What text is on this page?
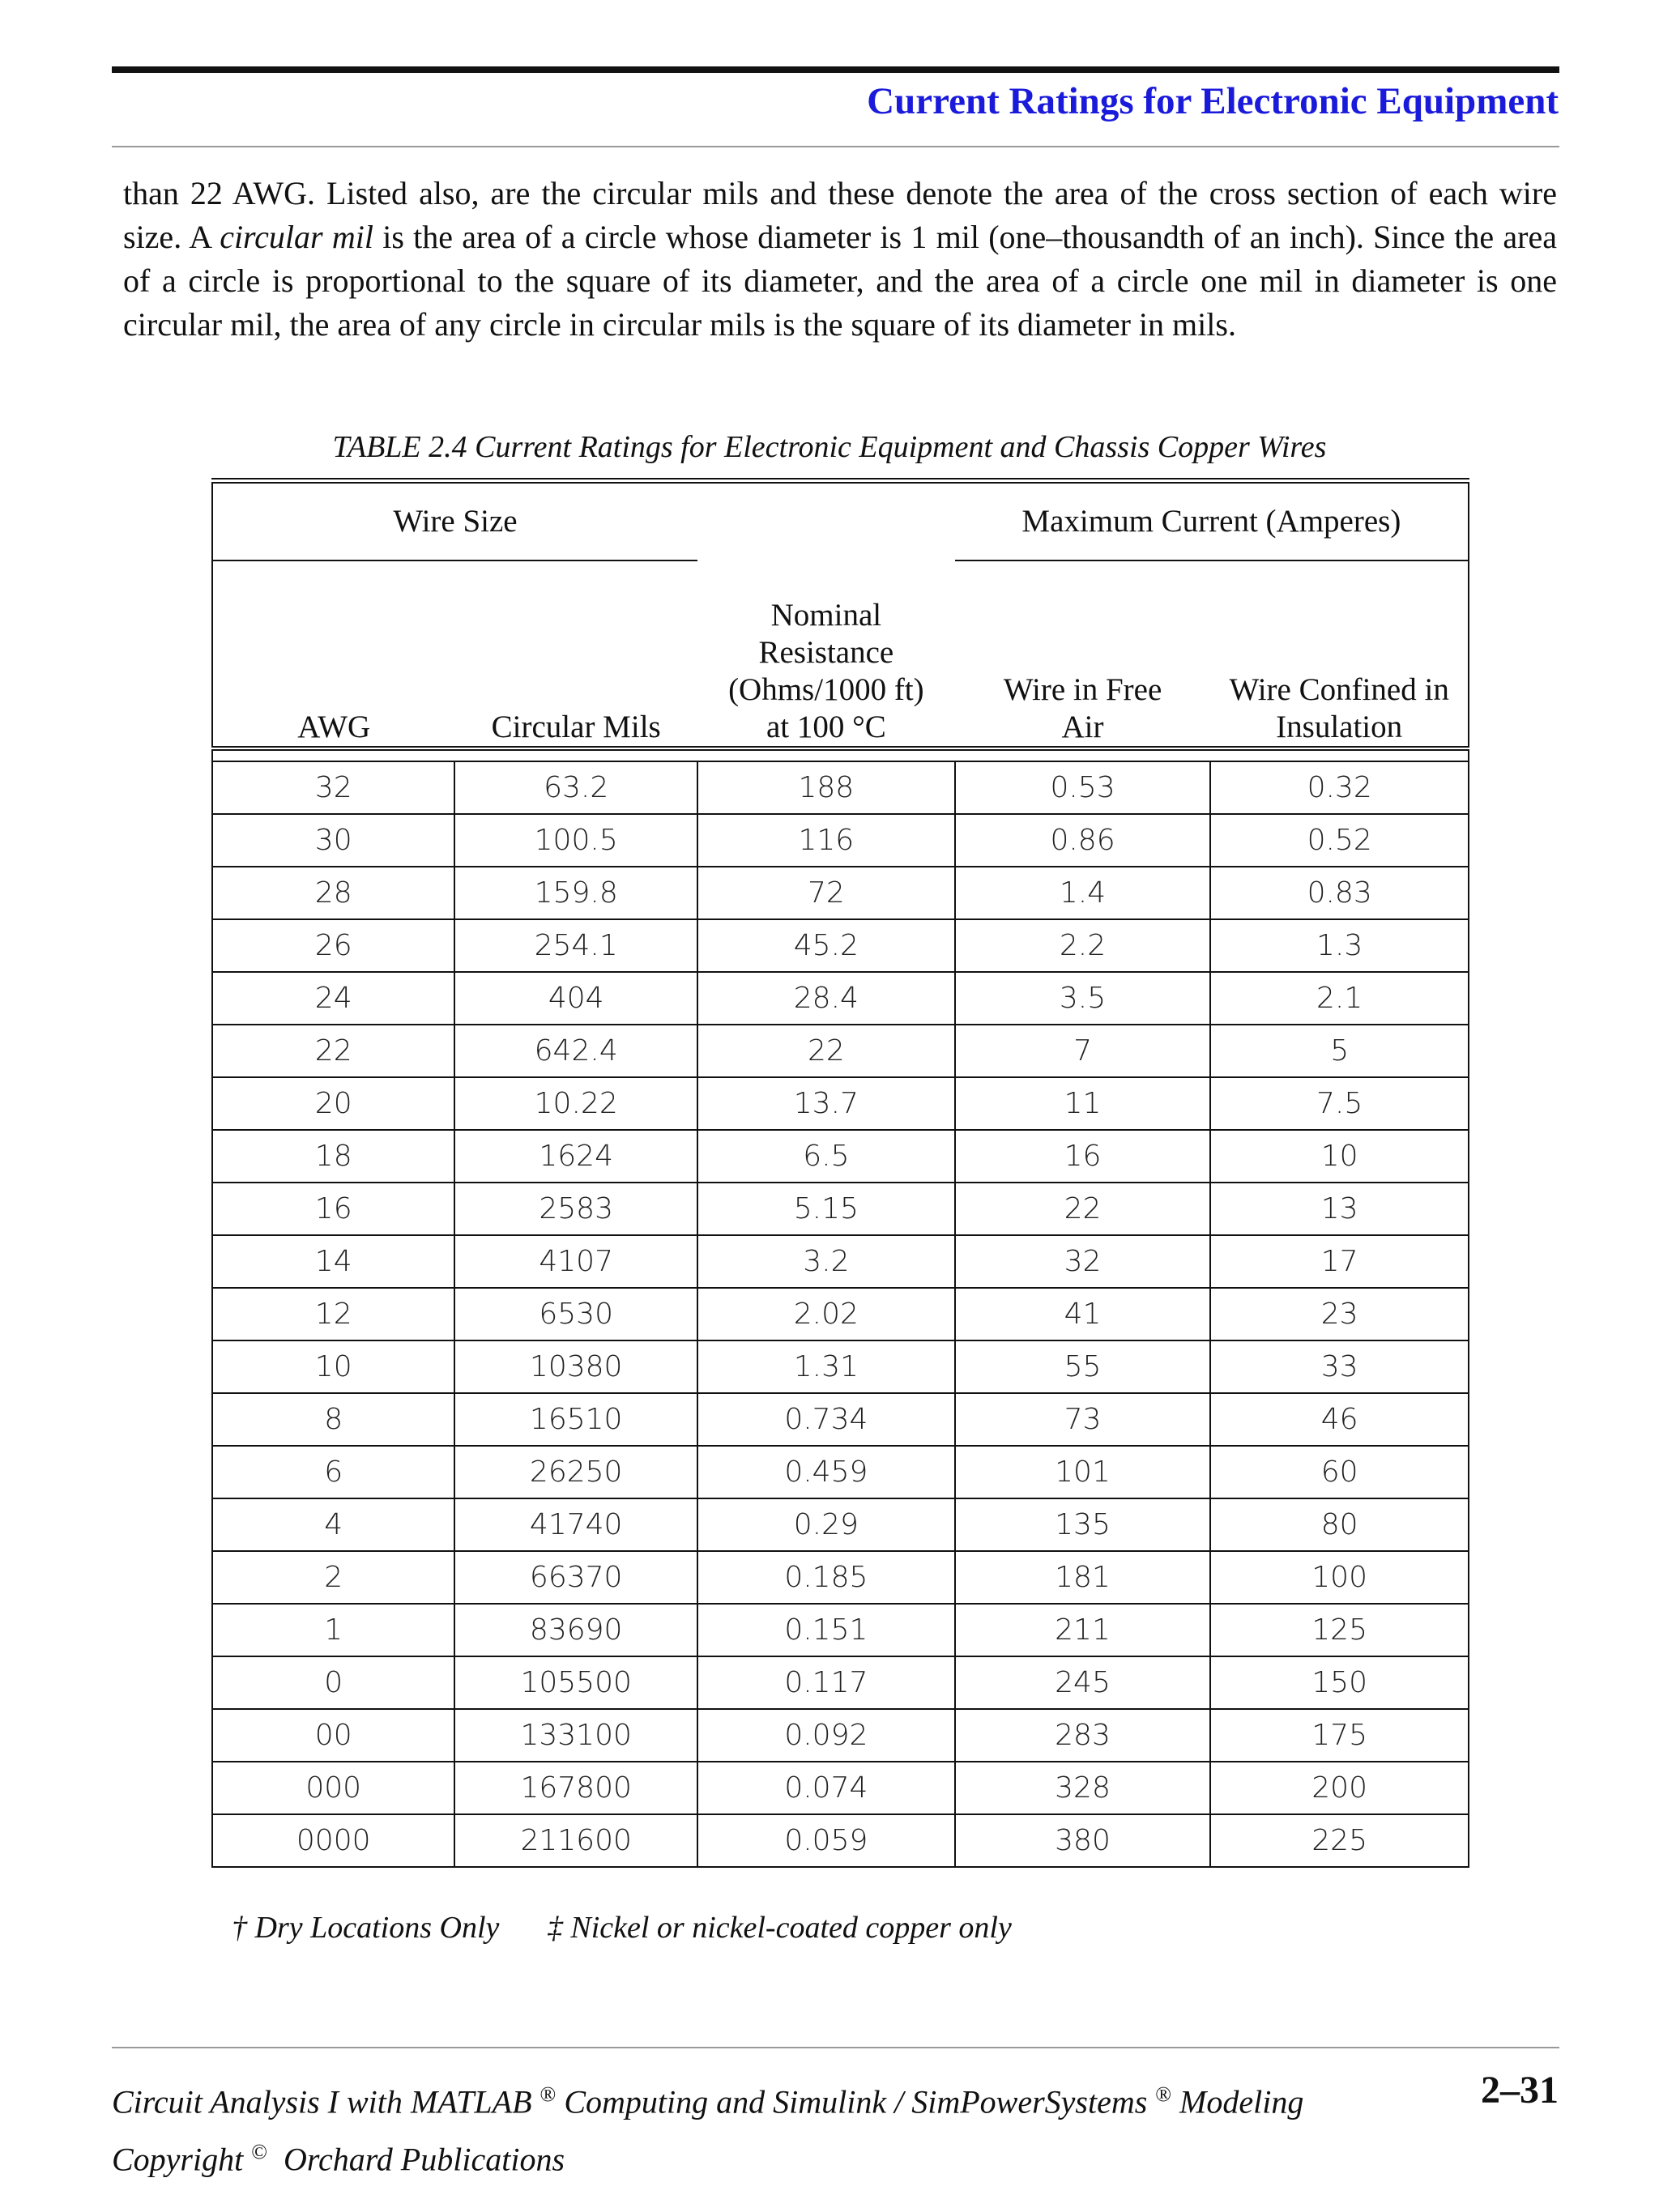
Current Ratings for Electronic Equipment

than 22 AWG. Listed also, are the circular mils and these denote the area of the cross section of each wire size. A circular mil is the area of a circle whose diameter is 1 mil (one–thousandth of an inch). Since the area of a circle is proportional to the square of its diameter, and the area of a circle one mil in diameter is one circular mil, the area of any circle in circular mils is the square of its diameter in mils.

TABLE 2.4 Current Ratings for Electronic Equipment and Chassis Copper Wires
Wire Size			Maximum Current (Amperes)	
AWG	Circular Mils	Nominal Resistance (Ohms/1000 ft) at 100 °C	Wire in Free Air	Wire Confined in Insulation

32	63.2	188	0.53	0.32
30	100.5	116	0.86	0.52
28	159.8	72	1.4	0.83
26	254.1	45.2	2.2	1.3
24	404	28.4	3.5	2.1
22	642.4	22	7	5
20	10.22	13.7	11	7.5
18	1624	6.5	16	10
16	2583	5.15	22	13
14	4107	3.2	32	17
12	6530	2.02	41	23
10	10380	1.31	55	33
8	16510	0.734	73	46
6	26250	0.459	101	60
4	41740	0.29	135	80
2	66370	0.185	181	100
1	83690	0.151	211	125
0	105500	0.117	245	150
00	133100	0.092	283	175
000	167800	0.074	328	200
0000	211600	0.059	380	225
† Dry Locations Only ‡ Nickel or nickel-coated copper only
Circuit Analysis I with MATLAB ® Computing and Simulink / SimPowerSystems ® Modeling
Copyright ©  Orchard Publications
2–31
